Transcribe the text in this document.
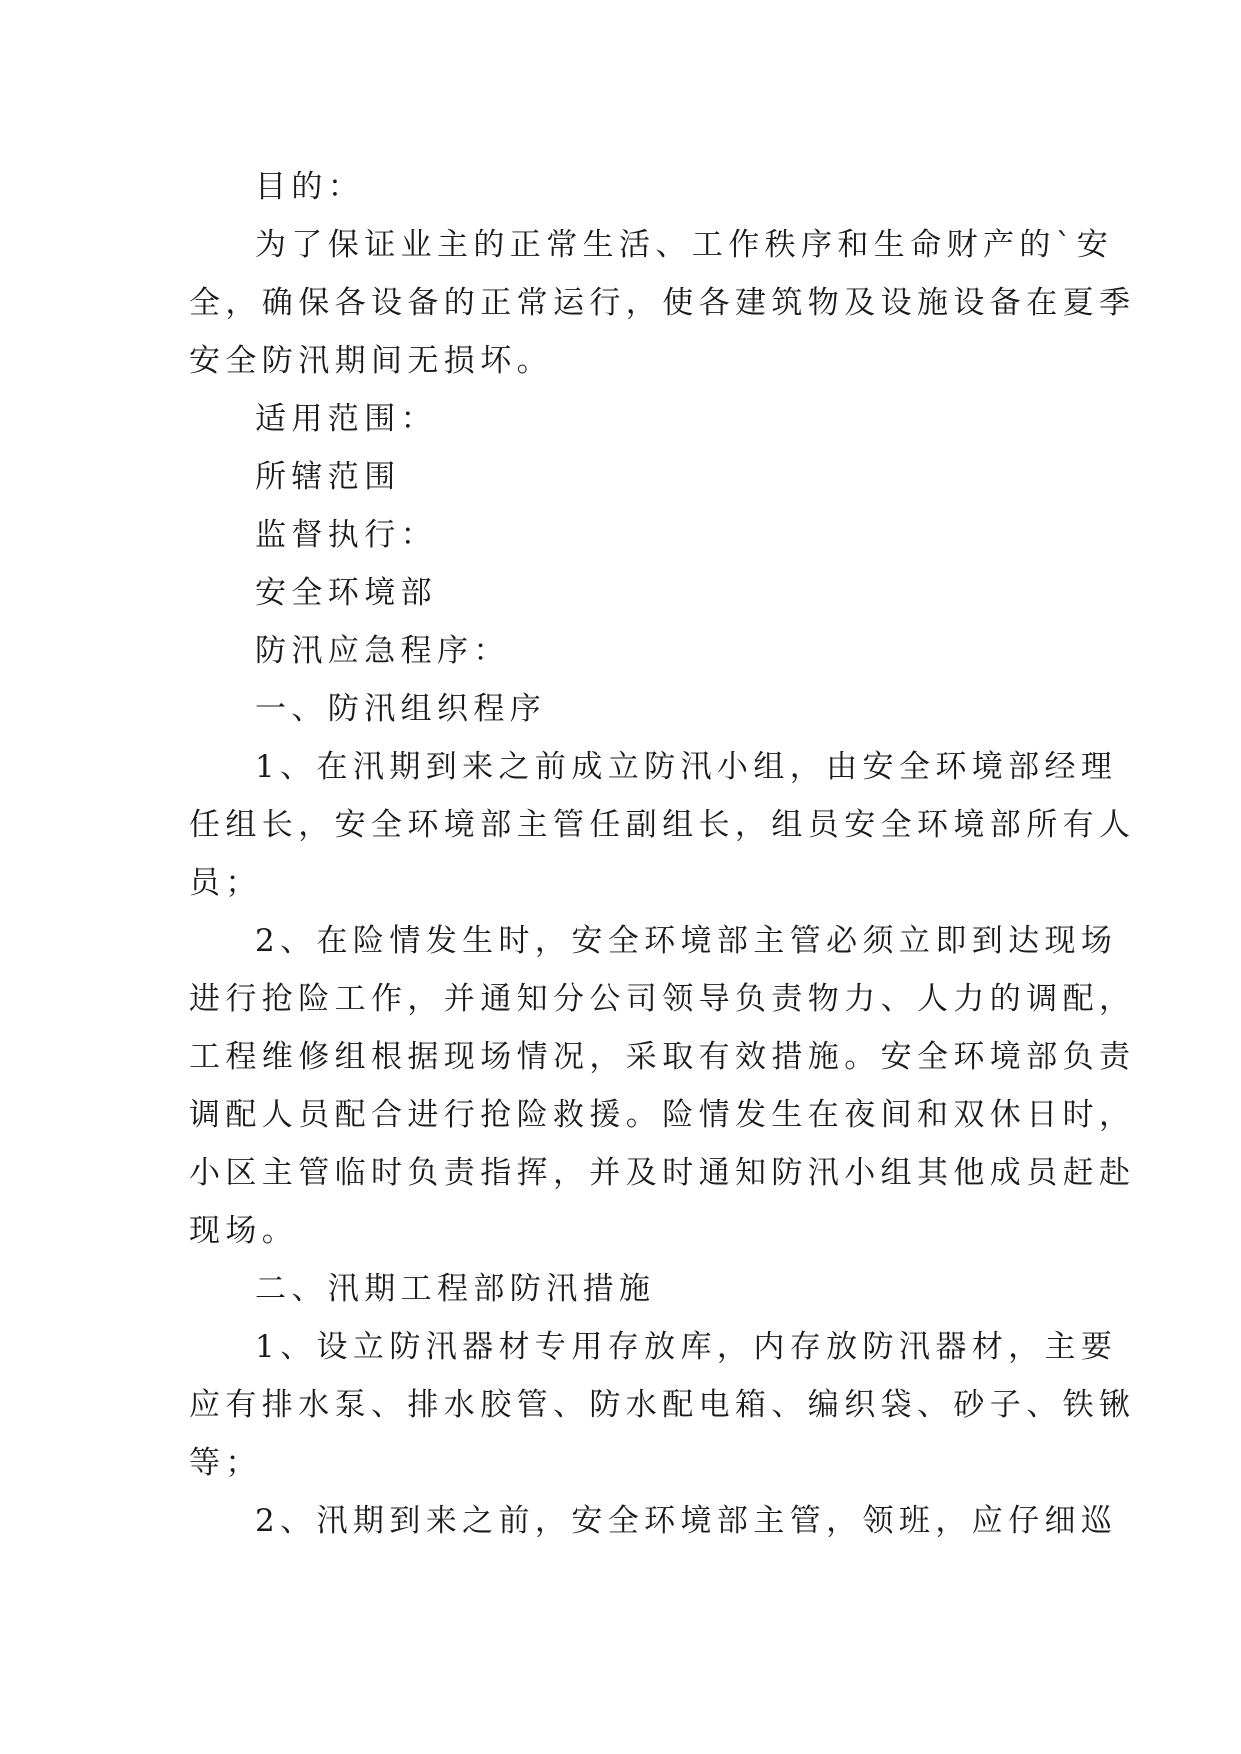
目的：
为了保证业主的正常生活、工作秩序和生命财产的`安
全，确保各设备的正常运行，使各建筑物及设施设备在夏季
安全防汛期间无损坏。
适用范围：
所辖范围
监督执行：
安全环境部
防汛应急程序：
一、防汛组织程序
1、在汛期到来之前成立防汛小组，由安全环境部经理
任组长，安全环境部主管任副组长，组员安全环境部所有人
员；
2、在险情发生时，安全环境部主管必须立即到达现场
进行抢险工作，并通知分公司领导负责物力、人力的调配，
工程维修组根据现场情况，采取有效措施。安全环境部负责
调配人员配合进行抢险救援。险情发生在夜间和双休日时，
小区主管临时负责指挥，并及时通知防汛小组其他成员赶赴
现场。
二、汛期工程部防汛措施
1、设立防汛器材专用存放库，内存放防汛器材，主要
应有排水泵、排水胶管、防水配电箱、编织袋、砂子、铁锹
等；
2、汛期到来之前，安全环境部主管，领班，应仔细巡
